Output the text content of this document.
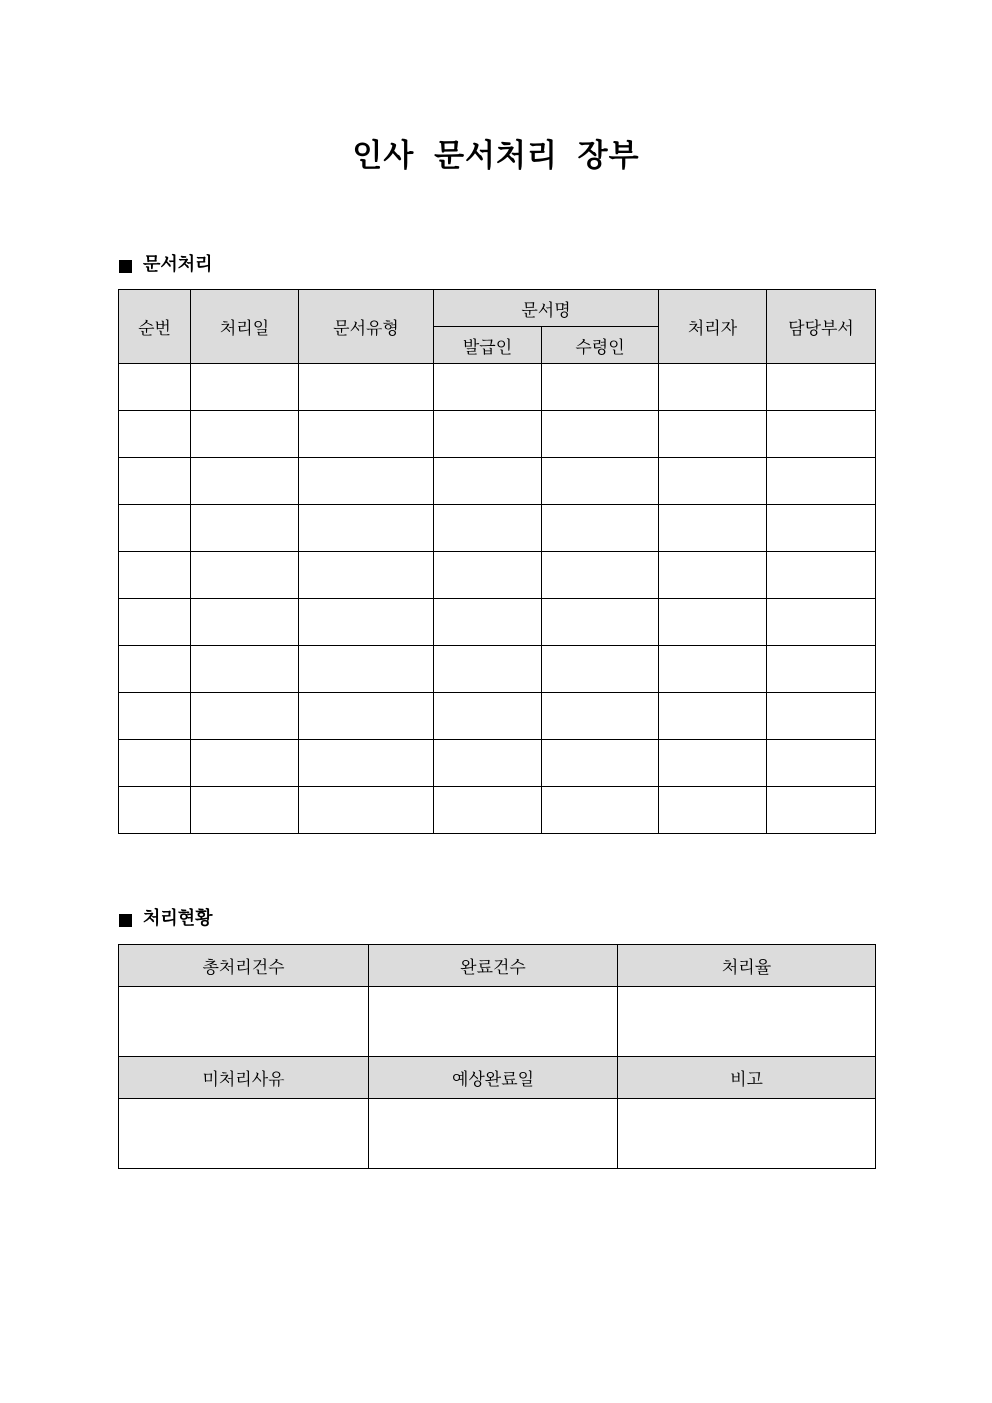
인사 문서처리 장부
문서처리
순번	처리일	문서유형	문서명		처리자	담당부서
			발급인	수령인		

처리현황
총처리건수	완료건수	처리율

미처리사유	예상완료일	비고
